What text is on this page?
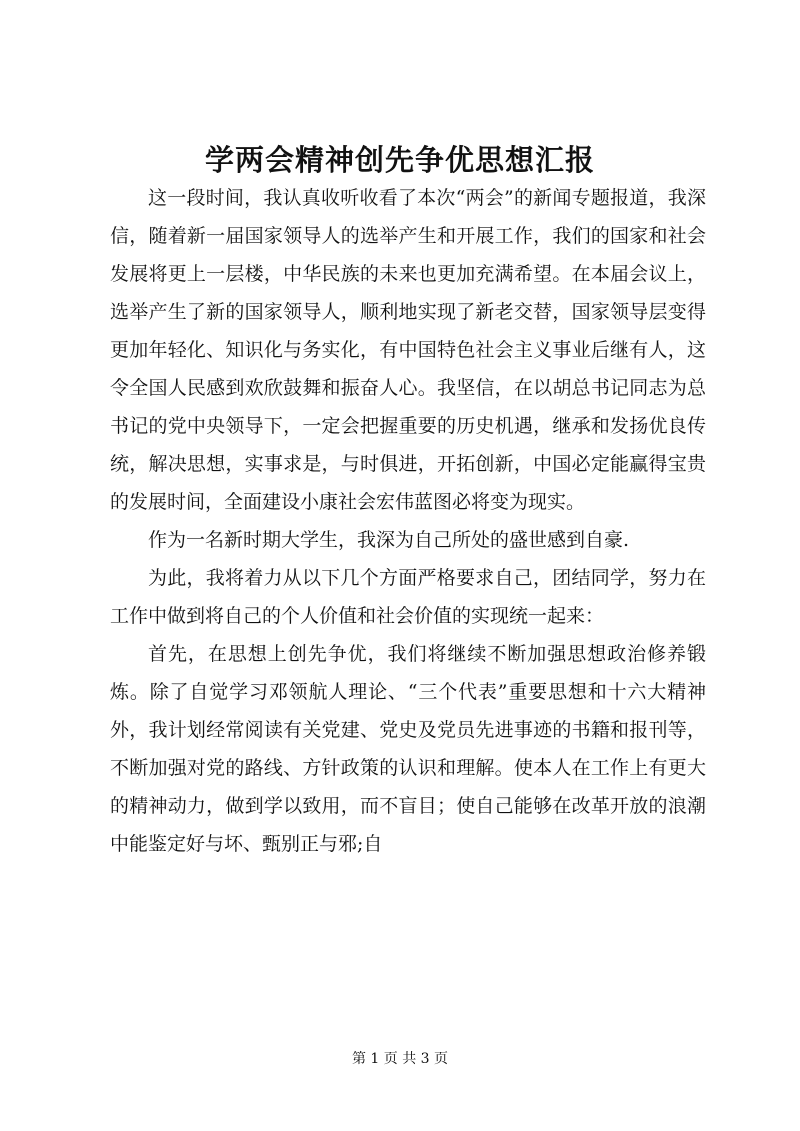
学两会精神创先争优思想汇报

这一段时间，我认真收听收看了本次“两会”的新闻专题报道，我深信，随着新一届国家领导人的选举产生和开展工作，我们的国家和社会发展将更上一层楼，中华民族的未来也更加充满希望。在本届会议上，选举产生了新的国家领导人，顺利地实现了新老交替，国家领导层变得更加年轻化、知识化与务实化，有中国特色社会主义事业后继有人，这令全国人民感到欢欣鼓舞和振奋人心。我坚信，在以胡总书记同志为总书记的党中央领导下，一定会把握重要的历史机遇，继承和发扬优良传统，解决思想，实事求是，与时俱进，开拓创新，中国必定能赢得宝贵的发展时间，全面建设小康社会宏伟蓝图必将变为现实。

作为一名新时期大学生，我深为自己所处的盛世感到自豪.

为此，我将着力从以下几个方面严格要求自己，团结同学，努力在工作中做到将自己的个人价值和社会价值的实现统一起来：

首先，在思想上创先争优，我们将继续不断加强思想政治修养锻炼。除了自觉学习邓领航人理论、“三个代表”重要思想和十六大精神外，我计划经常阅读有关党建、党史及党员先进事迹的书籍和报刊等，不断加强对党的路线、方针政策的认识和理解。使本人在工作上有更大的精神动力，做到学以致用，而不盲目；使自己能够在改革开放的浪潮中能鉴定好与坏、甄别正与邪;自

第 1 页 共 3 页
